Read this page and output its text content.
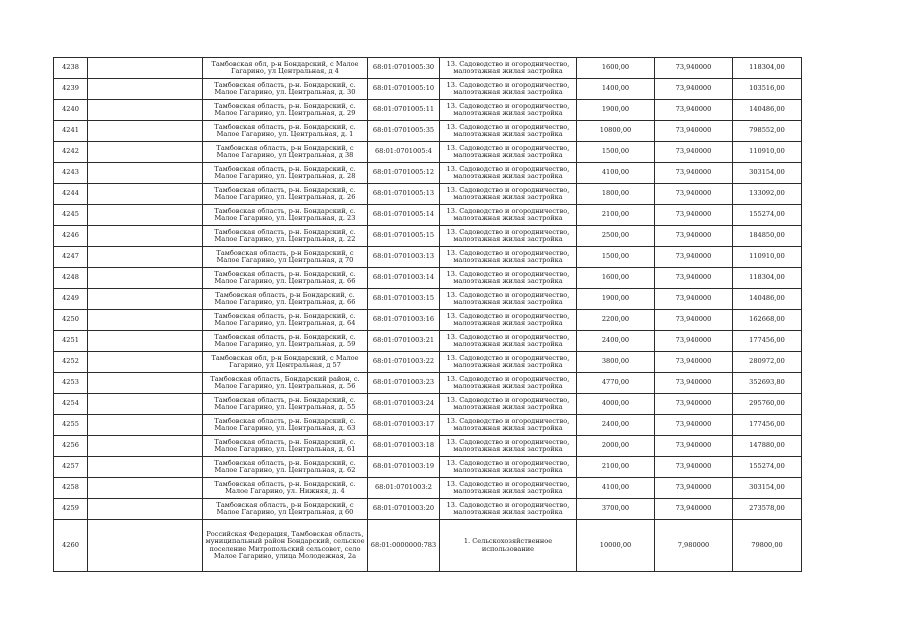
4238		Тамбовская обл, р-н Бондарский, с Малое Гагарино, ул Центральная, д 4	68:01:0701005:30	13. Садоводство и огородничество, малоэтажная жилая застройка	1600,00	73,940000	118304,00
4239		Тамбовская область, р-н. Бондарский, с. Малое Гагарино, ул. Центральная, д. 30	68:01:0701005:10	13. Садоводство и огородничество, малоэтажная жилая застройка	1400,00	73,940000	103516,00
4240		Тамбовская область, р-н. Бондарский, с. Малое Гагарино, ул. Центральная, д. 29	68:01:0701005:11	13. Садоводство и огородничество, малоэтажная жилая застройка	1900,00	73,940000	140486,00
4241		Тамбовская область, р-н. Бондарский, с. Малое Гагарино, ул. Центральная, д. 1	68:01:0701005:35	13. Садоводство и огородничество, малоэтажная жилая застройка	10800,00	73,940000	798552,00
4242		Тамбовская область, р-н Бондарский, с Малое Гагарино, ул Центральная, д 38	68:01:0701005:4	13. Садоводство и огородничество, малоэтажная жилая застройка	1500,00	73,940000	110910,00
4243		Тамбовская область, р-н. Бондарский, с. Малое Гагарино, ул. Центральная, д. 28	68:01:0701005:12	13. Садоводство и огородничество, малоэтажная жилая застройка	4100,00	73,940000	303154,00
4244		Тамбовская область, р-н. Бондарский, с. Малое Гагарино, ул. Центральная, д. 26	68:01:0701005:13	13. Садоводство и огородничество, малоэтажная жилая застройка	1800,00	73,940000	133092,00
4245		Тамбовская область, р-н. Бондарский, с. Малое Гагарино, ул. Центральная, д. 23	68:01:0701005:14	13. Садоводство и огородничество, малоэтажная жилая застройка	2100,00	73,940000	155274,00
4246		Тамбовская область, р-н. Бондарский, с. Малое Гагарино, ул. Центральная, д. 22	68:01:0701005:15	13. Садоводство и огородничество, малоэтажная жилая застройка	2500,00	73,940000	184850,00
4247		Тамбовская область, р-н Бондарский, с Малое Гагарино, ул Центральная, д 70	68:01:0701003:13	13. Садоводство и огородничество, малоэтажная жилая застройка	1500,00	73,940000	110910,00
4248		Тамбовская область, р-н. Бондарский, с. Малое Гагарино, ул. Центральная, д. 66	68:01:0701003:14	13. Садоводство и огородничество, малоэтажная жилая застройка	1600,00	73,940000	118304,00
4249		Тамбовская область, р-н Бондарский, с. Малое Гагарино, ул. Центральная, д. 66	68:01:0701003:15	13. Садоводство и огородничество, малоэтажная жилая застройка	1900,00	73,940000	140486,00
4250		Тамбовская область, р-н. Бондарский, с. Малое Гагарино, ул. Центральная, д. 64	68:01:0701003:16	13. Садоводство и огородничество, малоэтажная жилая застройка	2200,00	73,940000	162668,00
4251		Тамбовская область, р-н. Бондарский, с. Малое Гагарино, ул. Центральная, д. 59	68:01:0701003:21	13. Садоводство и огородничество, малоэтажная жилая застройка	2400,00	73,940000	177456,00
4252		Тамбовская обл, р-н Бондарский, с Малое Гагарино, ул Центральная, д 57	68:01:0701003:22	13. Садоводство и огородничество, малоэтажная жилая застройка	3800,00	73,940000	280972,00
4253		Тамбовская область, Бондарский район, с. Малое Гагарино, ул. Центральная, д. 56	68:01:0701003:23	13. Садоводство и огородничество, малоэтажная жилая застройка	4770,00	73,940000	352693,80
4254		Тамбовская область, р-н. Бондарский, с. Малое Гагарино, ул. Центральная, д. 55	68:01:0701003:24	13. Садоводство и огородничество, малоэтажная жилая застройка	4000,00	73,940000	295760,00
4255		Тамбовская область, р-н. Бондарский, с. Малое Гагарино, ул. Центральная, д. 63	68:01:0701003:17	13. Садоводство и огородничество, малоэтажная жилая застройка	2400,00	73,940000	177456,00
4256		Тамбовская область, р-н. Бондарский, с. Малое Гагарино, ул. Центральная, д. 61	68:01:0701003:18	13. Садоводство и огородничество, малоэтажная жилая застройка	2000,00	73,940000	147880,00
4257		Тамбовская область, р-н. Бондарский, с. Малое Гагарино, ул. Центральная, д. 62	68:01:0701003:19	13. Садоводство и огородничество, малоэтажная жилая застройка	2100,00	73,940000	155274,00
4258		Тамбовская область, р-н. Бондарский, с. Малое Гагарино, ул. Нижняя, д. 4	68:01:0701003:2	13. Садоводство и огородничество, малоэтажная жилая застройка	4100,00	73,940000	303154,00
4259		Тамбовская область, р-н Бондарский, с Малое Гагарино, ул Центральная, д 60	68:01:0701003:20	13. Садоводство и огородничество, малоэтажная жилая застройка	3700,00	73,940000	273578,00
4260		Российская Федерация, Тамбовская область, муниципальный район Бондарский, сельское поселение Митропольский сельсовет, село Малое Гагарино, улица Молодежная, 2а	68:01:0000000:783	1. Сельскохозяйственное использование	10000,00	7,980000	79800,00
